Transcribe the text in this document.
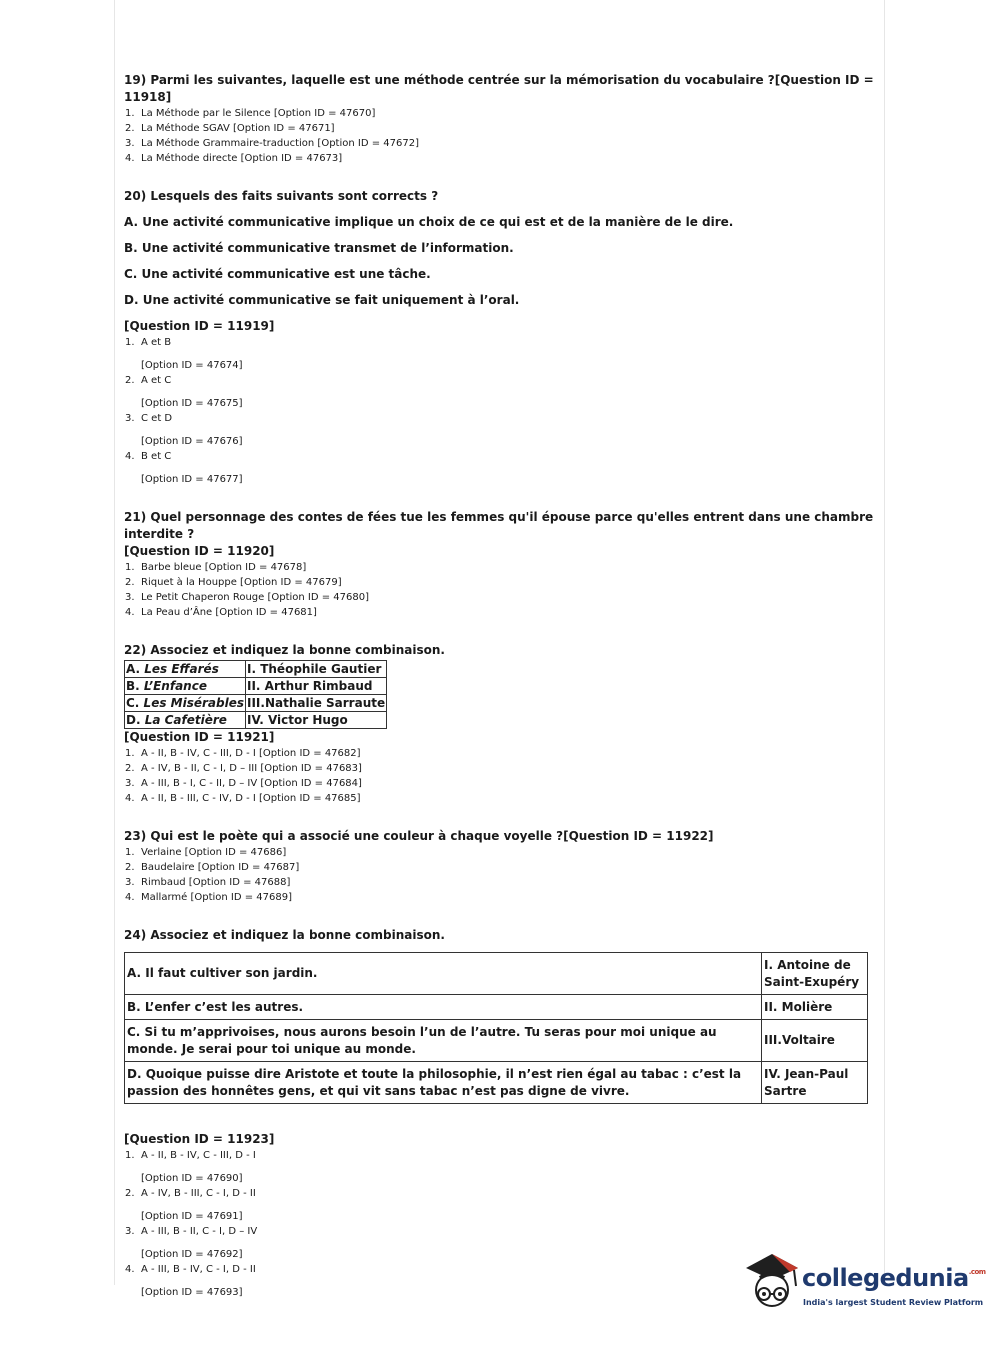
19) Parmi les suivantes, laquelle est une méthode centrée sur la mémorisation du vocabulaire ?[Question ID = 11918]

1. La Méthode par le Silence [Option ID = 47670]
2. La Méthode SGAV [Option ID = 47671]
3. La Méthode Grammaire-traduction [Option ID = 47672]
4. La Méthode directe [Option ID = 47673]

20) Lesquels des faits suivants sont corrects ?

A. Une activité communicative implique un choix de ce qui est et de la manière de le dire.

B. Une activité communicative transmet de l’information.

C. Une activité communicative est une tâche.

D. Une activité communicative se fait uniquement à l’oral.

[Question ID = 11919]

1. A et B
[Option ID = 47674]
2. A et C
[Option ID = 47675]
3. C et D
[Option ID = 47676]
4. B et C
[Option ID = 47677]

21) Quel personnage des contes de fées tue les femmes qu'il épouse parce qu'elles entrent dans une chambre interdite ?

[Question ID = 11920]

1. Barbe bleue [Option ID = 47678]
2. Riquet à la Houppe [Option ID = 47679]
3. Le Petit Chaperon Rouge [Option ID = 47680]
4. La Peau d’Âne [Option ID = 47681]

22) Associez et indiquez la bonne combinaison.

A. Les Effarés	I. Théophile Gautier
B. L’Enfance	II. Arthur Rimbaud
C. Les Misérables	III.Nathalie Sarraute
D. La Cafetière	IV. Victor Hugo

[Question ID = 11921]

1. A - II, B - IV, C - III, D - I [Option ID = 47682]
2. A - IV, B - II, C - I, D – III [Option ID = 47683]
3. A - III, B - I, C - II, D – IV [Option ID = 47684]
4. A - II, B - III, C - IV, D - I [Option ID = 47685]

23) Qui est le poète qui a associé une couleur à chaque voyelle ?[Question ID = 11922]

1. Verlaine [Option ID = 47686]
2. Baudelaire [Option ID = 47687]
3. Rimbaud [Option ID = 47688]
4. Mallarmé [Option ID = 47689]

24) Associez et indiquez la bonne combinaison.

A. Il faut cultiver son jardin.	I. Antoine de Saint-Exupéry
B. L’enfer c’est les autres.	II. Molière
C. Si tu m’apprivoises, nous aurons besoin l’un de l’autre. Tu seras pour moi unique au monde. Je serai pour toi unique au monde.	III.Voltaire
D. Quoique puisse dire Aristote et toute la philosophie, il n’est rien égal au tabac : c’est la passion des honnêtes gens, et qui vit sans tabac n’est pas digne de vivre.	IV. Jean-Paul Sartre

[Question ID = 11923]

1. A - II, B - IV, C - III, D - I
[Option ID = 47690]
2. A - IV, B - III, C - I, D - II
[Option ID = 47691]
3. A - III, B - II, C - I, D – IV
[Option ID = 47692]
4. A - III, B - IV, C - I, D - II
[Option ID = 47693]
collegedunia$^{.com}$
India's largest Student Review Platform
